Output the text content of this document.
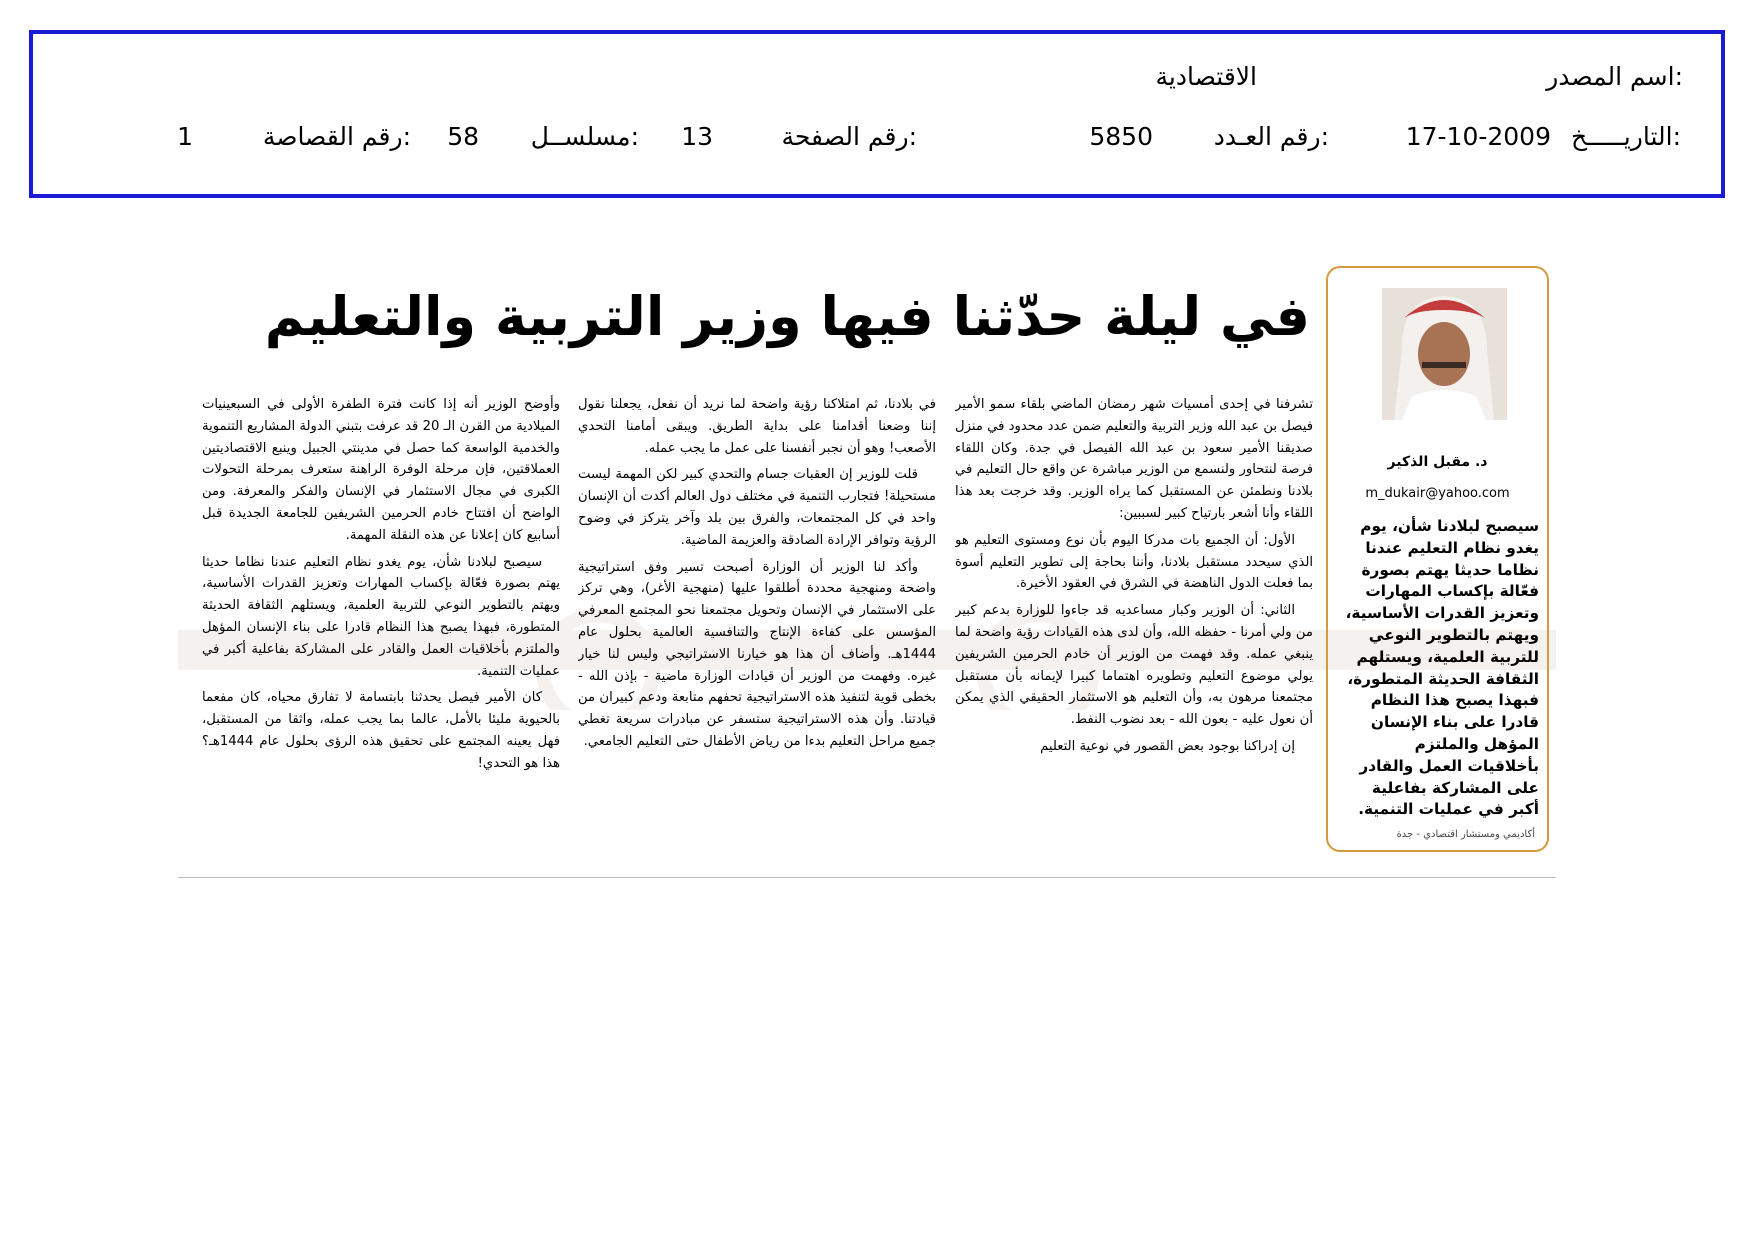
اسم المصدر:
الاقتصادية
التاريـــــخ:
17-10-2009
رقم العـدد:
5850
رقم الصفحة:
13
مسلســل:
58
رقم القصاصة:
1
في ليلة حدّثنا فيها وزير التربية والتعليم

تشرفنا في إحدى أمسيات شهر رمضان الماضي بلقاء سمو الأمير فيصل بن عبد الله وزير التربية والتعليم ضمن عدد محدود في منزل صديقنا الأمير سعود بن عبد الله الفيصل في جدة. وكان اللقاء فرصة لنتحاور ولنسمع من الوزير مباشرة عن واقع حال التعليم في بلادنا ونطمئن عن المستقبل كما يراه الوزير. وقد خرجت بعد هذا اللقاء وأنا أشعر بارتياح كبير لسببين:

الأول: أن الجميع بات مدركا اليوم بأن نوع ومستوى التعليم هو الذي سيحدد مستقبل بلادنا، وأننا بحاجة إلى تطوير التعليم أسوة بما فعلت الدول الناهضة في الشرق في العقود الأخيرة.

الثاني: أن الوزير وكبار مساعديه قد جاءوا للوزارة بدعم كبير من ولي أمرنا - حفظه الله، وأن لدى هذه القيادات رؤية واضحة لما ينبغي عمله. وقد فهمت من الوزير أن خادم الحرمين الشريفين يولي موضوع التعليم وتطويره اهتماما كبيرا لإيمانه بأن مستقبل مجتمعنا مرهون به، وأن التعليم هو الاستثمار الحقيقي الذي يمكن أن نعول عليه - بعون الله - بعد نضوب النفط.

إن إدراكنا بوجود بعض القصور في نوعية التعليم

في بلادنا، ثم امتلاكنا رؤية واضحة لما نريد أن نفعل، يجعلنا نقول إننا وضعنا أقدامنا على بداية الطريق. ويبقى أمامنا التحدي الأصعب! وهو أن نجبر أنفسنا على عمل ما يجب عمله.

قلت للوزير إن العقبات جسام والتحدي كبير لكن المهمة ليست مستحيلة! فتجارب التنمية في مختلف دول العالم أكدت أن الإنسان واحد في كل المجتمعات، والفرق بين بلد وآخر يتركز في وضوح الرؤية وتوافر الإرادة الصادقة والعزيمة الماضية.

وأكد لنا الوزير أن الوزارة أصبحت تسير وفق استراتيجية واضحة ومنهجية محددة أطلقوا عليها (منهجية الأغر)، وهي تركز على الاستثمار في الإنسان وتحويل مجتمعنا نحو المجتمع المعرفي المؤسس على كفاءة الإنتاج والتنافسية العالمية بحلول عام 1444هـ. وأضاف أن هذا هو خيارنا الاستراتيجي وليس لنا خيار غيره. وفهمت من الوزير أن قيادات الوزارة ماضية - بإذن الله - بخطى قوية لتنفيذ هذه الاستراتيجية تحفهم متابعة ودعم كبيران من قيادتنا. وأن هذه الاستراتيجية ستسفر عن مبادرات سريعة تغطي جميع مراحل التعليم بدءا من رياض الأطفال حتى التعليم الجامعي.

وأوضح الوزير أنه إذا كانت فترة الطفرة الأولى في السبعينيات الميلادية من القرن الـ 20 قد عرفت بتبني الدولة المشاريع التنموية والخدمية الواسعة كما حصل في مدينتي الجبيل وينبع الاقتصاديتين العملاقتين، فإن مرحلة الوفرة الراهنة ستعرف بمرحلة التحولات الكبرى في مجال الاستثمار في الإنسان والفكر والمعرفة. ومن الواضح أن افتتاح خادم الحرمين الشريفين للجامعة الجديدة قبل أسابيع كان إعلانا عن هذه النقلة المهمة.

سيصبح لبلادنا شأن، يوم يغدو نظام التعليم عندنا نظاما حديثا يهتم بصورة فعّالة بإكساب المهارات وتعزيز القدرات الأساسية، ويهتم بالتطوير النوعي للتربية العلمية، ويستلهم الثقافة الحديثة المتطورة، فبهذا يصبح هذا النظام قادرا على بناء الإنسان المؤهل والملتزم بأخلاقيات العمل والقادر على المشاركة بفاعلية أكبر في عمليات التنمية.

كان الأمير فيصل يحدثنا بابتسامة لا تفارق محياه، كان مفعما بالحيوية مليئا بالأمل، عالما بما يجب عمله، واثقا من المستقبل، فهل يعينه المجتمع على تحقيق هذه الرؤى بحلول عام 1444هـ؟ هذا هو التحدي!

د. مقبل الذكير
m_dukair@yahoo.com
سيصبح لبلادنا شأن، يوم يغدو نظام التعليم عندنا نظاما حديثا يهتم بصورة فعّالة بإكساب المهارات وتعزيز القدرات الأساسية، ويهتم بالتطوير النوعي للتربية العلمية، ويستلهم الثقافة الحديثة المتطورة، فبهذا يصبح هذا النظام قادرا على بناء الإنسان المؤهل والملتزم بأخلاقيات العمل والقادر على المشاركة بفاعلية أكبر في عمليات التنمية.
أكاديمي ومستشار اقتصادي - جدة
